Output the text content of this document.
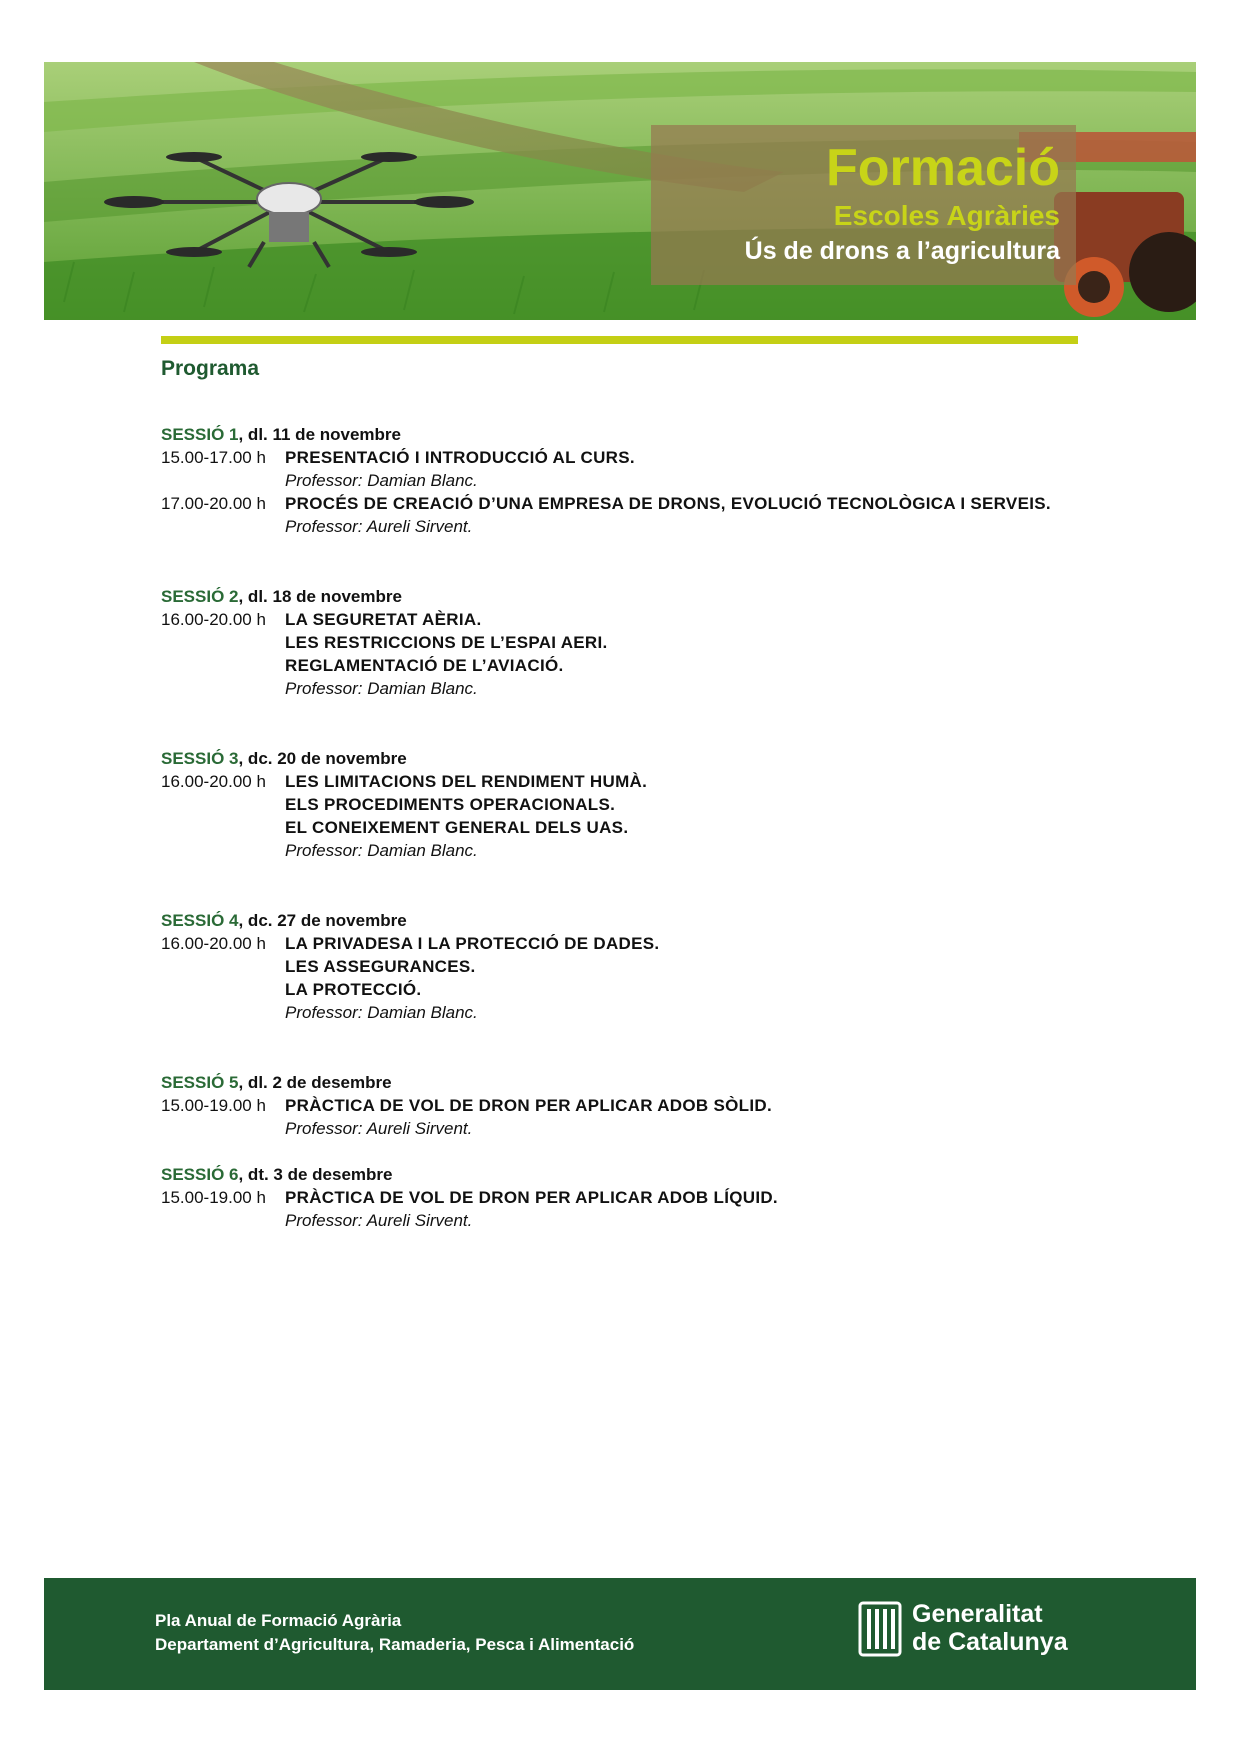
Formació
Escoles Agràries
Ús de drons a l’agricultura
Programa
SESSIÓ 1, dl. 11 de novembre
15.00-17.00 h	PRESENTACIÓ I INTRODUCCIÓ AL CURS.
Professor: Damian Blanc.
17.00-20.00 h	PROCÉS DE CREACIÓ D’UNA EMPRESA DE DRONS, EVOLUCIÓ TECNOLÒGICA I SERVEIS.
Professor: Aureli Sirvent.
SESSIÓ 2, dl. 18 de novembre
16.00-20.00 h	LA SEGURETAT AÈRIA.
LES RESTRICCIONS DE L’ESPAI AERI.
REGLAMENTACIÓ DE L’AVIACIÓ.
Professor: Damian Blanc.
SESSIÓ 3, dc. 20 de novembre
16.00-20.00 h	LES LIMITACIONS DEL RENDIMENT HUMÀ.
ELS PROCEDIMENTS OPERACIONALS.
EL CONEIXEMENT GENERAL DELS UAS.
Professor: Damian Blanc.
SESSIÓ 4, dc. 27 de novembre
16.00-20.00 h	LA PRIVADESA I LA PROTECCIÓ DE DADES.
LES ASSEGURANCES.
LA PROTECCIÓ.
Professor: Damian Blanc.
SESSIÓ 5, dl. 2 de desembre
15.00-19.00 h	PRÀCTICA DE VOL DE DRON PER APLICAR ADOB SÒLID.
Professor: Aureli Sirvent.
SESSIÓ 6, dt. 3 de desembre
15.00-19.00 h	PRÀCTICA DE VOL DE DRON PER APLICAR ADOB LÍQUID.
Professor: Aureli Sirvent.
Pla Anual de Formació Agrària
Departament d’Agricultura, Ramaderia, Pesca i Alimentació
Generalitat
de Catalunya
